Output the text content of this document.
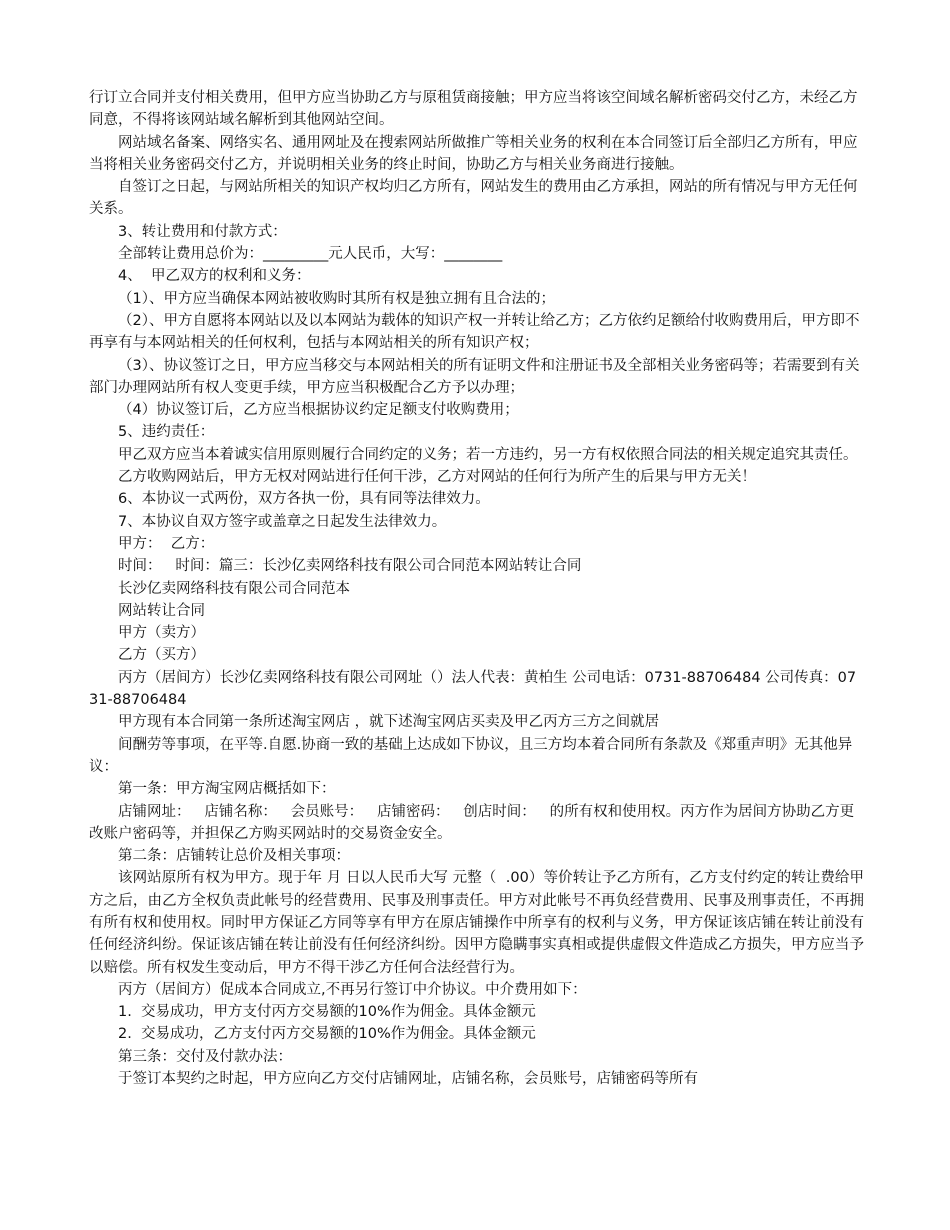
行订立合同并支付相关费用，但甲方应当协助乙方与原租赁商接触；甲方应当将该空间域名解析密码交付乙方，未经乙方同意，不得将该网站域名解析到其他网站空间。

网站域名备案、网络实名、通用网址及在搜索网站所做推广等相关业务的权利在本合同签订后全部归乙方所有，甲应当将相关业务密码交付乙方，并说明相关业务的终止时间，协助乙方与相关业务商进行接触。

自签订之日起，与网站所相关的知识产权均归乙方所有，网站发生的费用由乙方承担，网站的所有情况与甲方无任何关系。

3、转让费用和付款方式：

全部转让费用总价为：_________元人民币，大写：________

4、  甲乙双方的权利和义务：

（1）、甲方应当确保本网站被收购时其所有权是独立拥有且合法的；

（2）、甲方自愿将本网站以及以本网站为载体的知识产权一并转让给乙方；乙方依约足额给付收购费用后，甲方即不再享有与本网站相关的任何权利，包括与本网站相关的所有知识产权；

（3）、协议签订之日，甲方应当移交与本网站相关的所有证明文件和注册证书及全部相关业务密码等；若需要到有关部门办理网站所有权人变更手续，甲方应当积极配合乙方予以办理；

（4）协议签订后，乙方应当根据协议约定足额支付收购费用；

5、违约责任：

甲乙双方应当本着诚实信用原则履行合同约定的义务；若一方违约，另一方有权依照合同法的相关规定追究其责任。

乙方收购网站后，甲方无权对网站进行任何干涉，乙方对网站的任何行为所产生的后果与甲方无关！

6、本协议一式两份，双方各执一份，具有同等法律效力。

7、本协议自双方签字或盖章之日起发生法律效力。

甲方：  乙方：

时间：   时间：篇三：长沙亿卖网络科技有限公司合同范本网站转让合同

长沙亿卖网络科技有限公司合同范本

网站转让合同

甲方（卖方）

乙方（买方）

丙方（居间方）长沙亿卖网络科技有限公司网址（）法人代表：黄柏生 公司电话：0731-88706484 公司传真：0731-88706484

甲方现有本合同第一条所述淘宝网店 ，就下述淘宝网店买卖及甲乙丙方三方之间就居

间酬劳等事项，在平等.自愿.协商一致的基础上达成如下协议，且三方均本着合同所有条款及《郑重声明》无其他异议：

第一条：甲方淘宝网店概括如下：

店铺网址：   店铺名称：   会员账号：   店铺密码：   创店时间：   的所有权和使用权。丙方作为居间方协助乙方更改账户密码等，并担保乙方购买网站时的交易资金安全。

第二条：店铺转让总价及相关事项：

该网站原所有权为甲方。现于年 月 日以人民币大写 元整（  .00）等价转让予乙方所有，乙方支付约定的转让费给甲方之后，由乙方全权负责此帐号的经营费用、民事及刑事责任。甲方对此帐号不再负经营费用、民事及刑事责任，不再拥有所有权和使用权。同时甲方保证乙方同等享有甲方在原店铺操作中所享有的权利与义务，甲方保证该店铺在转让前没有任何经济纠纷。保证该店铺在转让前没有任何经济纠纷。因甲方隐瞒事实真相或提供虚假文件造成乙方损失，甲方应当予以赔偿。所有权发生变动后，甲方不得干涉乙方任何合法经营行为。

丙方（居间方）促成本合同成立,不再另行签订中介协议。中介费用如下：

1.  交易成功，甲方支付丙方交易额的10%作为佣金。具体金额元

2.  交易成功，乙方支付丙方交易额的10%作为佣金。具体金额元

第三条：交付及付款办法：

于签订本契约之时起，甲方应向乙方交付店铺网址，店铺名称，会员账号，店铺密码等所有
